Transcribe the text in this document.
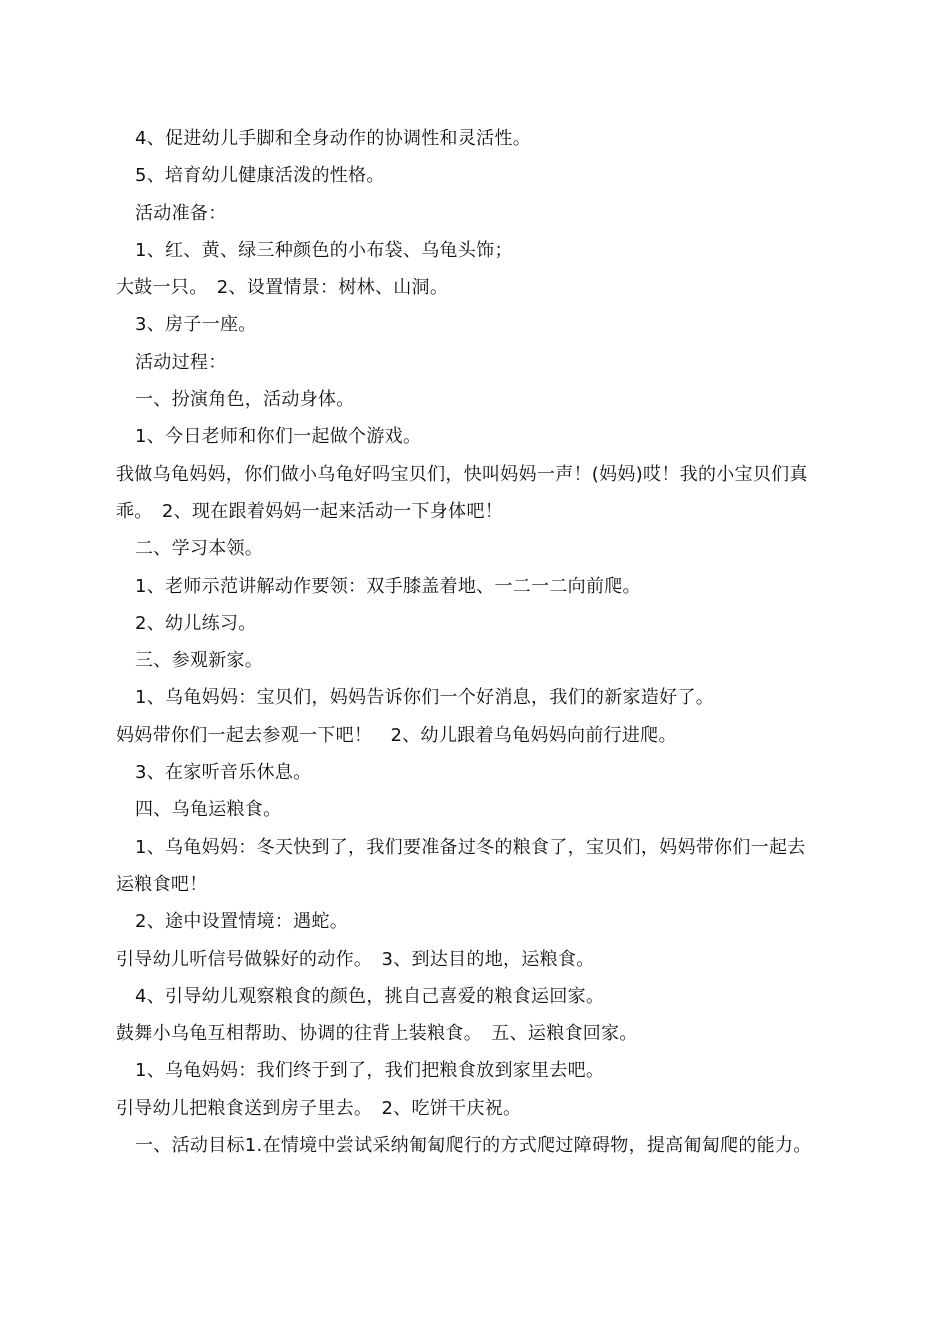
4、促进幼儿手脚和全身动作的协调性和灵活性。
5、培育幼儿健康活泼的性格。
活动准备：
1、红、黄、绿三种颜色的小布袋、乌龟头饰；
大鼓一只。　2、设置情景：树林、山洞。
3、房子一座。
活动过程：
一、扮演角色，活动身体。
1、今日老师和你们一起做个游戏。
我做乌龟妈妈，你们做小乌龟好吗宝贝们，快叫妈妈一声！(妈妈)哎！我的小宝贝们真
乖。　2、现在跟着妈妈一起来活动一下身体吧！
二、学习本领。
1、老师示范讲解动作要领：双手膝盖着地、一二一二向前爬。
2、幼儿练习。
三、参观新家。
1、乌龟妈妈：宝贝们，妈妈告诉你们一个好消息，我们的新家造好了。
妈妈带你们一起去参观一下吧！　2、幼儿跟着乌龟妈妈向前行进爬。
3、在家听音乐休息。
四、乌龟运粮食。
1、乌龟妈妈：冬天快到了，我们要准备过冬的粮食了，宝贝们，妈妈带你们一起去
运粮食吧！
2、途中设置情境：遇蛇。
引导幼儿听信号做躲好的动作。　3、到达目的地，运粮食。
4、引导幼儿观察粮食的颜色，挑自己喜爱的粮食运回家。
鼓舞小乌龟互相帮助、协调的往背上装粮食。　五、运粮食回家。
1、乌龟妈妈：我们终于到了，我们把粮食放到家里去吧。
引导幼儿把粮食送到房子里去。　2、吃饼干庆祝。
一、活动目标1.在情境中尝试采纳匍匐爬行的方式爬过障碍物，提高匍匐爬的能力。
